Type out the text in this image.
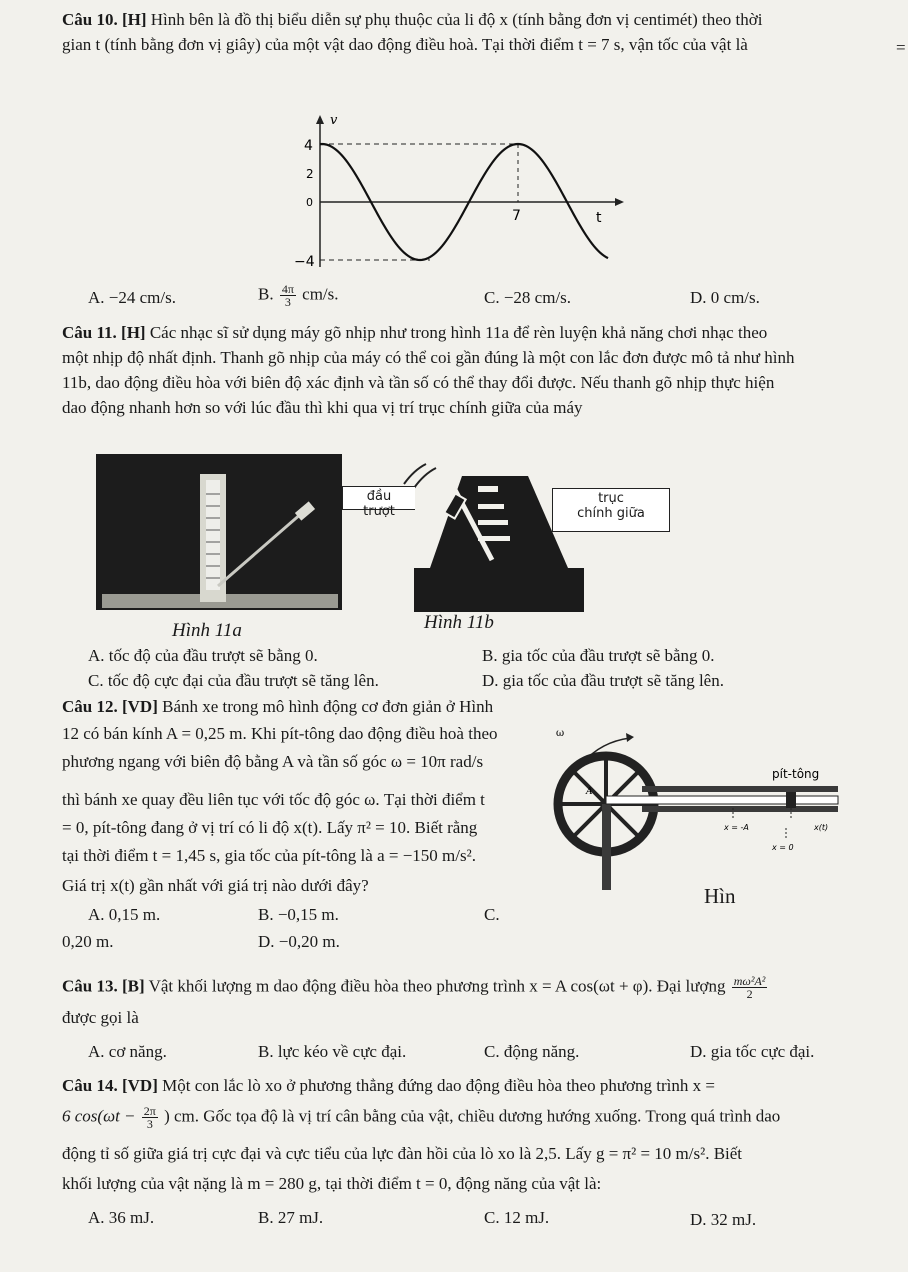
Câu 10. [H] Hình bên là đồ thị biểu diễn sự phụ thuộc của li độ x (tính bằng đơn vị centimét) theo thời
gian t (tính bằng đơn vị giây) của một vật dao động điều hoà. Tại thời điểm t = 7 s, vận tốc của vật là	=
v
4
2
0
−4
7	t
A. −24 cm/s.	B. $\frac{4\pi}{3} cm/s$.	C. −28 cm/s.	D. 0 cm/s.
Câu 11. [H] Các nhạc sĩ sử dụng máy gõ nhịp như trong hình 11a để rèn luyện khả năng chơi nhạc theo
một nhịp độ nhất định. Thanh gõ nhịp của máy có thể coi gần đúng là một con lắc đơn được mô tả như hình
11b, dao động điều hòa với biên độ xác định và tần số có thể thay đổi được. Nếu thanh gõ nhịp thực hiện
dao động nhanh hơn so với lúc đầu thì khi qua vị trí trục chính giữa của máy
Hình 11a
đầu trượt
trục
chính giữa
Hình 11b
A. tốc độ của đầu trượt sẽ bằng 0.	B. gia tốc của đầu trượt sẽ bằng 0.
C. tốc độ cực đại của đầu trượt sẽ tăng lên.	D. gia tốc của đầu trượt sẽ tăng lên.
Câu 12. [VD] Bánh xe trong mô hình động cơ đơn giản ở Hình
12 có bán kính A = 0,25 m. Khi pít-tông dao động điều hoà theo
phương ngang với biên độ bằng A và tần số góc ω = 10π rad/s
thì bánh xe quay đều liên tục với tốc độ góc ω. Tại thời điểm t
= 0, pít-tông đang ở vị trí có li độ x(t). Lấy π² = 10. Biết rằng
tại thời điểm t = 1,45 s, gia tốc của pít-tông là a = −150 m/s².
Giá trị x(t) gần nhất với giá trị nào dưới đây?
ω
A
pít-tông
x = -A	x(t)
x = 0
Hìn
A. 0,15 m.	B. −0,15 m.	C.
0,20 m.	D. −0,20 m.
Câu 13. [B] Vật khối lượng m dao động điều hòa theo phương trình x = A cos(ωt + φ). Đại lượng $\frac{\text{mω²A²}}{2}$
được gọi là
A. cơ năng.	B. lực kéo về cực đại.	C. động năng.	D. gia tốc cực đại.
Câu 14. [VD] Một con lắc lò xo ở phương thẳng đứng dao động điều hòa theo phương trình x =
6 $\cos(\omega t - \frac{2\pi}{3}$ ) cm. Gốc tọa độ là vị trí cân bằng của vật, chiều dương hướng xuống. Trong quá trình dao
động tỉ số giữa giá trị cực đại và cực tiểu của lực đàn hồi của lò xo là 2,5. Lấy g = π² = 10 m/s². Biết
khối lượng của vật nặng là m = 280 g, tại thời điểm t = 0, động năng của vật là:
A. 36 mJ.	B. 27 mJ.	C. 12 mJ.	D. 32 mJ.
